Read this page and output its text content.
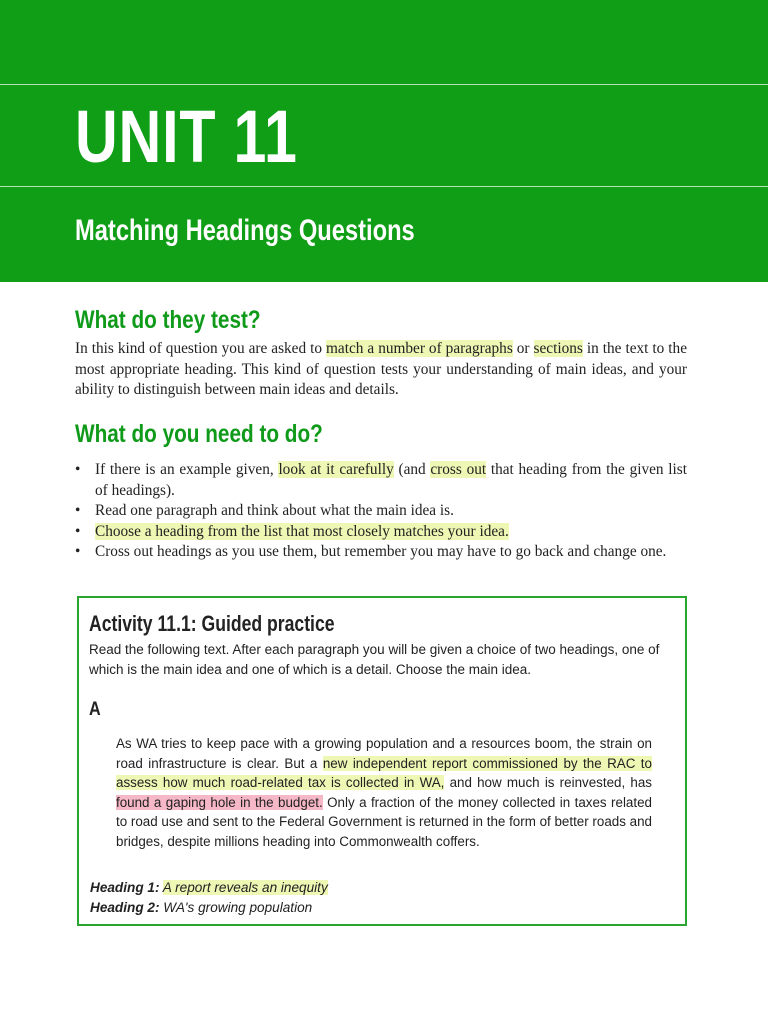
UNIT 11
Matching Headings Questions
What do they test?

In this kind of question you are asked to match a number of paragraphs or sections in the text to the most appropriate heading. This kind of question tests your understanding of main ideas, and your ability to distinguish between main ideas and details.

What do you need to do?
• If there is an example given, look at it carefully (and cross out that heading from the given list of headings).
• Read one paragraph and think about what the main idea is.
• Choose a heading from the list that most closely matches your idea.
• Cross out headings as you use them, but remember you may have to go back and change one.
Activity 11.1: Guided practice

Read the following text. After each paragraph you will be given a choice of two headings, one of which is the main idea and one of which is a detail. Choose the main idea.

A

As WA tries to keep pace with a growing population and a resources boom, the strain on road infrastructure is clear. But a new independent report commissioned by the RAC to assess how much road-related tax is collected in WA, and how much is reinvested, has found a gaping hole in the budget. Only a fraction of the money collected in taxes related to road use and sent to the Federal Government is returned in the form of better roads and bridges, despite millions heading into Commonwealth coffers.

Heading 1: A report reveals an inequity
Heading 2: WA's growing population
